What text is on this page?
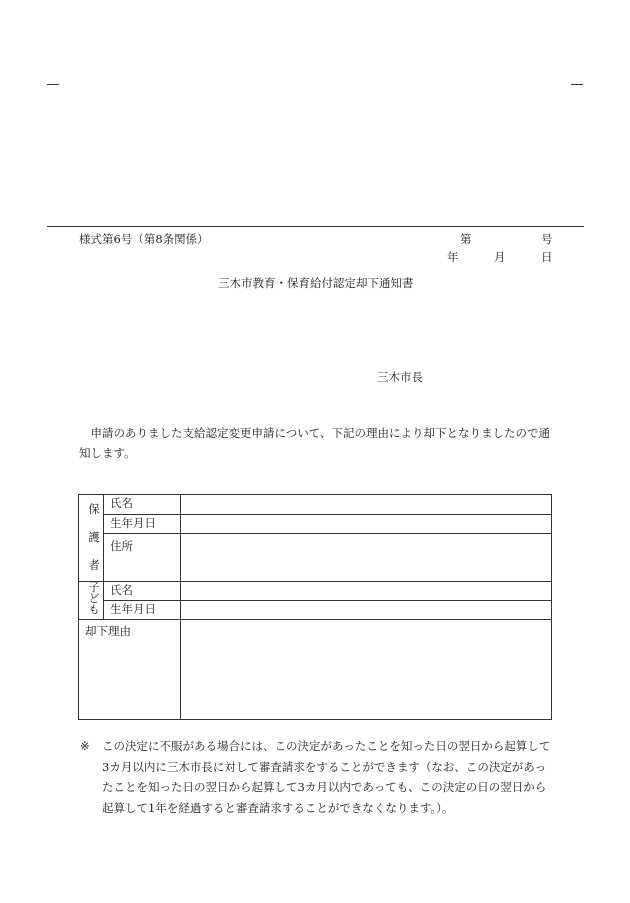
様式第6号（第8条関係）	第	号
年	月	日
三木市教育・保育給付認定却下通知書
三木市長
　申請のありました支給認定変更申請について、下記の理由により却下となりましたので通知します。
保
護
者	氏名	
	生年月日	
	住所	

子
ど
も	氏名	
	生年月日	
却下理由		
※	この決定に不服がある場合には、この決定があったことを知った日の翌日から起算して3カ月以内に三木市長に対して審査請求をすることができます（なお、この決定があったことを知った日の翌日から起算して3カ月以内であっても、この決定の日の翌日から起算して1年を経過すると審査請求することができなくなります。）。
